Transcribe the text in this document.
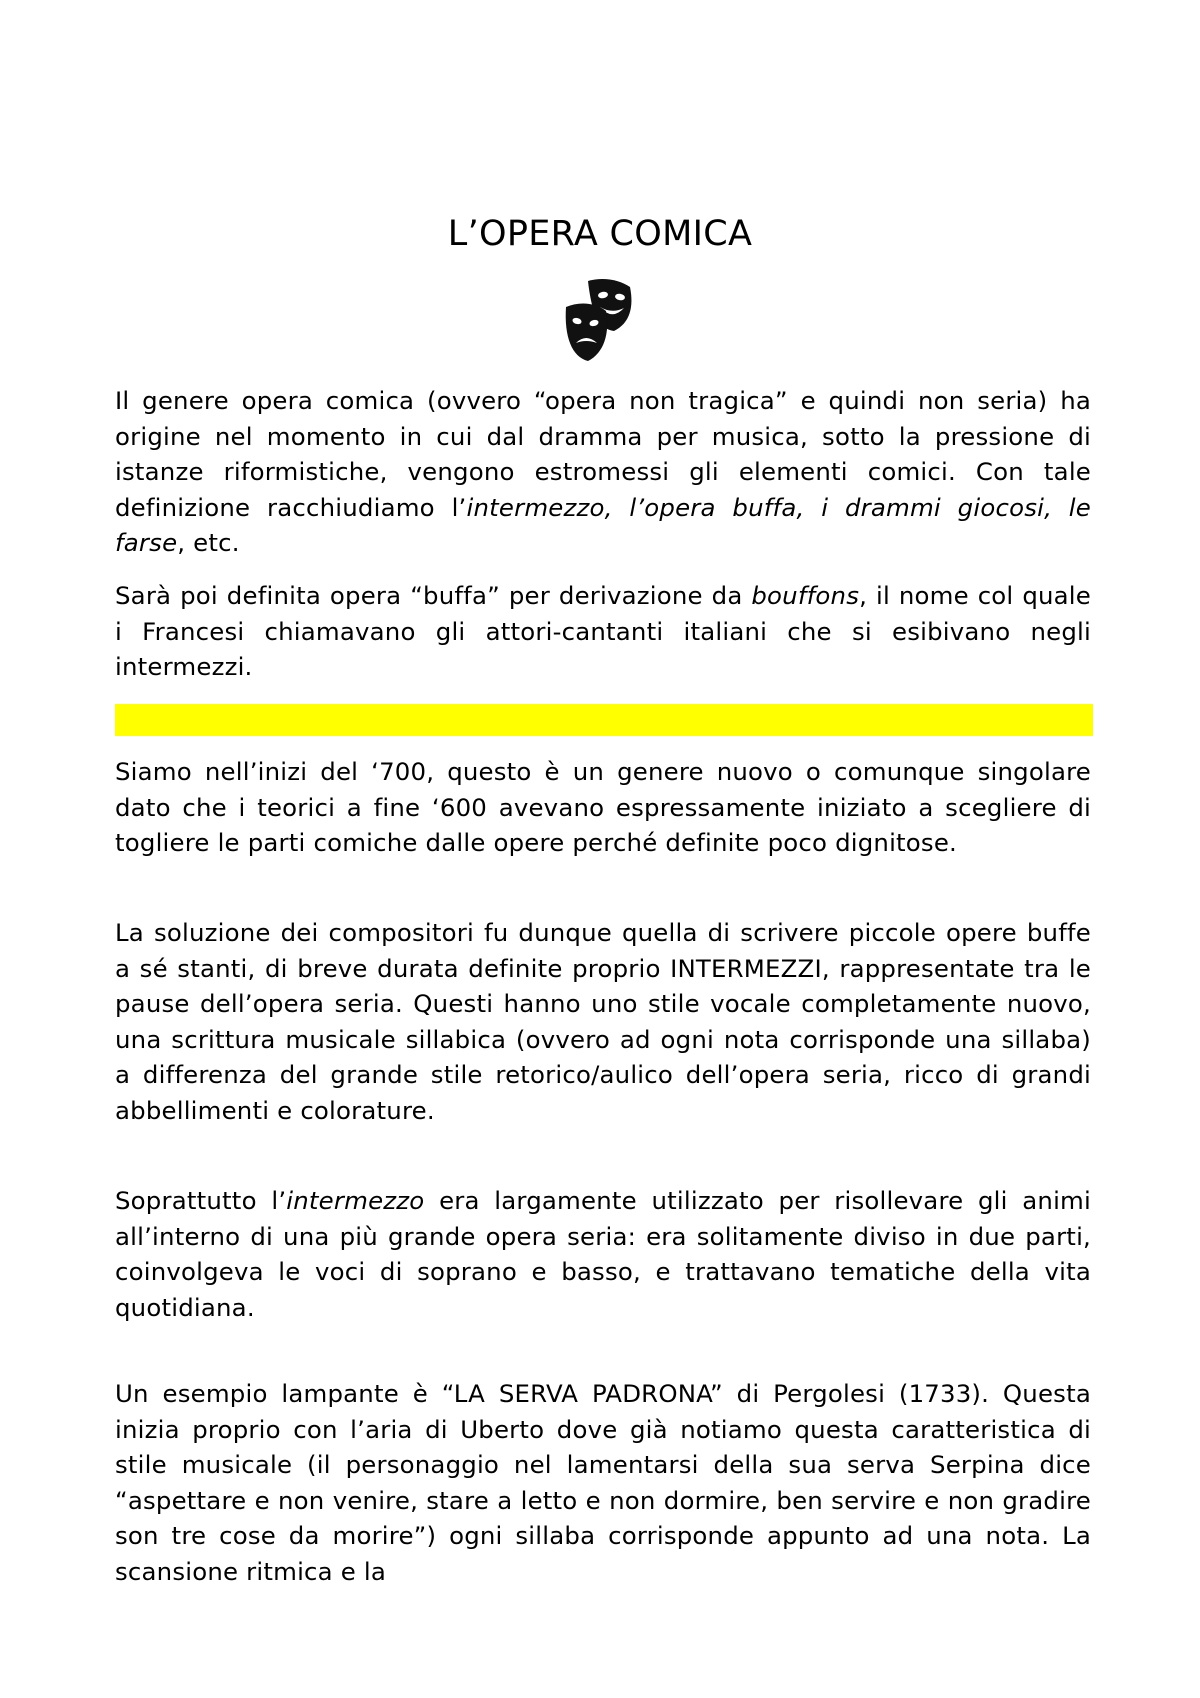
L’OPERA COMICA

Il genere opera comica (ovvero “opera non tragica” e quindi non seria) ha origine nel momento in cui dal dramma per musica, sotto la pressione di istanze riformistiche, vengono estromessi gli elementi comici. Con tale definizione racchiudiamo l’intermezzo, l’opera buffa, i drammi giocosi, le farse, etc.

Sarà poi definita opera “buffa” per derivazione da bouffons, il nome col quale i Francesi chiamavano gli attori-cantanti italiani che si esibivano negli intermezzi.

Siamo nell’inizi del ‘700, questo è un genere nuovo o comunque singolare dato che i teorici a fine ‘600 avevano espressamente iniziato a scegliere di togliere le parti comiche dalle opere perché definite poco dignitose.

La soluzione dei compositori fu dunque quella di scrivere piccole opere buffe a sé stanti, di breve durata definite proprio INTERMEZZI, rappresentate tra le pause dell’opera seria. Questi hanno uno stile vocale completamente nuovo, una scrittura musicale sillabica (ovvero ad ogni nota corrisponde una sillaba) a differenza del grande stile retorico/aulico dell’opera seria, ricco di grandi abbellimenti e colorature.

Soprattutto l’intermezzo era largamente utilizzato per risollevare gli animi all’interno di una più grande opera seria: era solitamente diviso in due parti, coinvolgeva le voci di soprano e basso, e trattavano tematiche della vita quotidiana.

Un esempio lampante è “LA SERVA PADRONA” di Pergolesi (1733). Questa inizia proprio con l’aria di Uberto dove già notiamo questa caratteristica di stile musicale (il personaggio nel lamentarsi della sua serva Serpina dice “aspettare e non venire, stare a letto e non dormire, ben servire e non gradire son tre cose da morire”) ogni sillaba corrisponde appunto ad una nota. La scansione ritmica e la
